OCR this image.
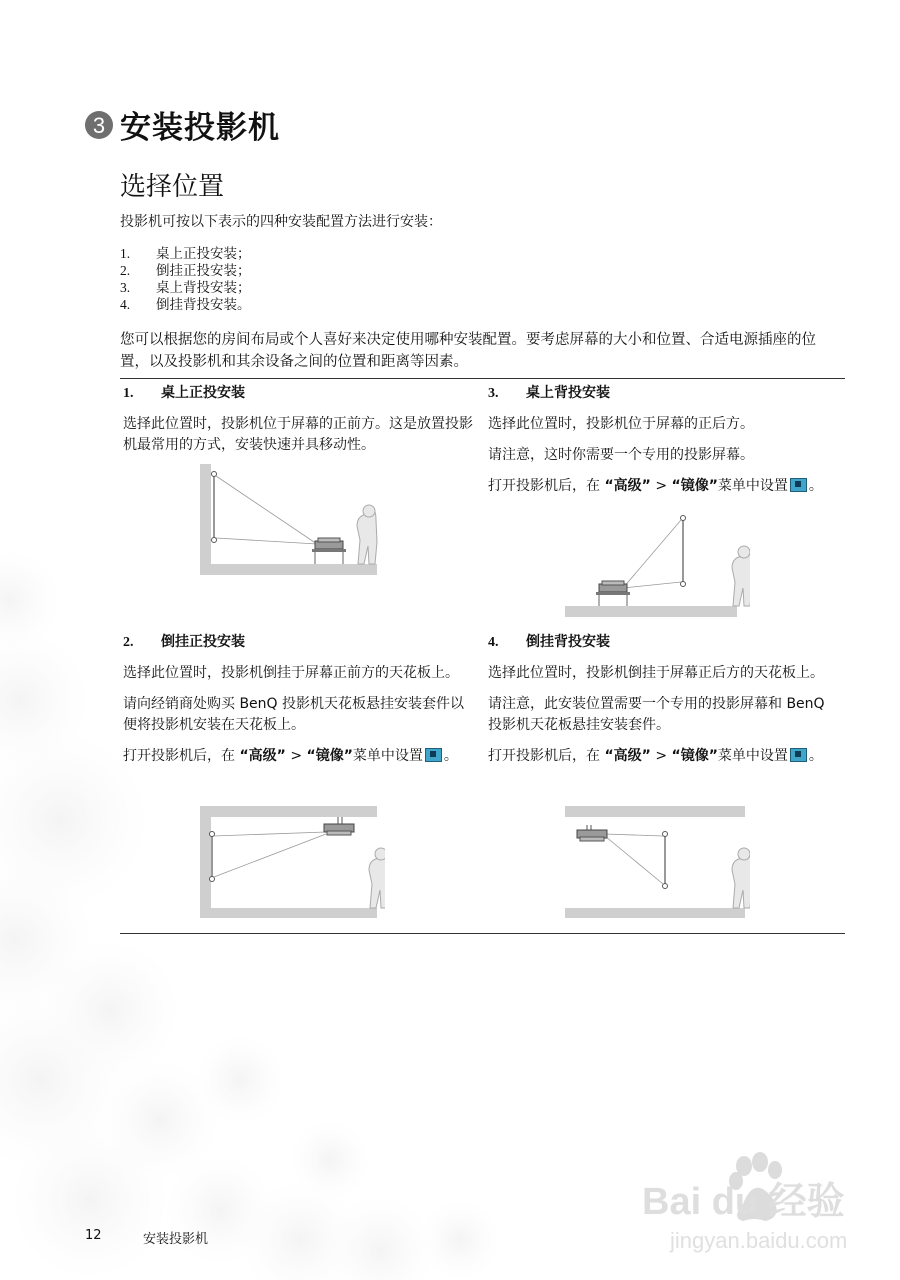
3 安装投影机
选择位置
投影机可按以下表示的四种安装配置方法进行安装：
1. 桌上正投安装；
2. 倒挂正投安装；
3. 桌上背投安装；
4. 倒挂背投安装。
您可以根据您的房间布局或个人喜好来决定使用哪种安装配置。要考虑屏幕的大小和位置、合适电源插座的位置，以及投影机和其余设备之间的位置和距离等因素。

1. 桌上正投安装

选择此位置时，投影机位于屏幕的正前方。这是放置投影机最常用的方式，安装快速并具移动性。

3. 桌上背投安装

选择此位置时，投影机位于屏幕的正后方。

请注意，这时你需要一个专用的投影屏幕。

打开投影机后，在 “高级” > “镜像”菜单中设置 。

2. 倒挂正投安装

选择此位置时，投影机倒挂于屏幕正前方的天花板上。

请向经销商处购买 BenQ 投影机天花板悬挂安装套件以便将投影机安装在天花板上。

打开投影机后，在 “高级” > “镜像”菜单中设置 。

4. 倒挂背投安装

选择此位置时，投影机倒挂于屏幕正后方的天花板上。

请注意，此安装位置需要一个专用的投影屏幕和 BenQ 投影机天花板悬挂安装套件。

打开投影机后，在 “高级” > “镜像”菜单中设置 。

Bai du 经验
jingyan.baidu.com
12	安装投影机
